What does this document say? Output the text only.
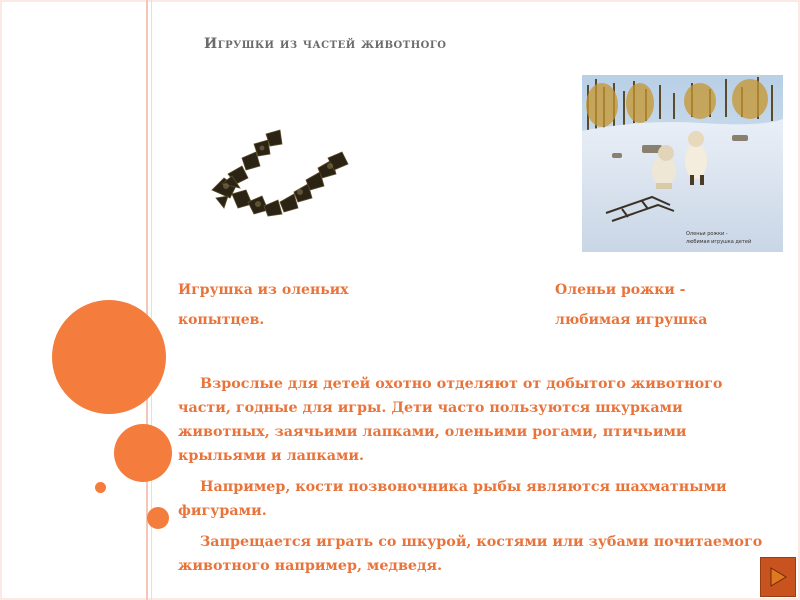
Игрушки из частей животного
Оленьи рожки -
любимая игрушка детей
Игрушка из оленьих
копытцев.
Оленьи рожки -
любимая игрушка

Взрослые для детей охотно отделяют от добытого животного части, годные для игры. Дети часто пользуются шкурками животных, заячьими лапками, оленьими рогами, птичьими крыльями и лапками.

Например, кости позвоночника рыбы являются шахматными фигурами.

Запрещается играть со шкурой, костями или зубами почитаемого животного например, медведя.
